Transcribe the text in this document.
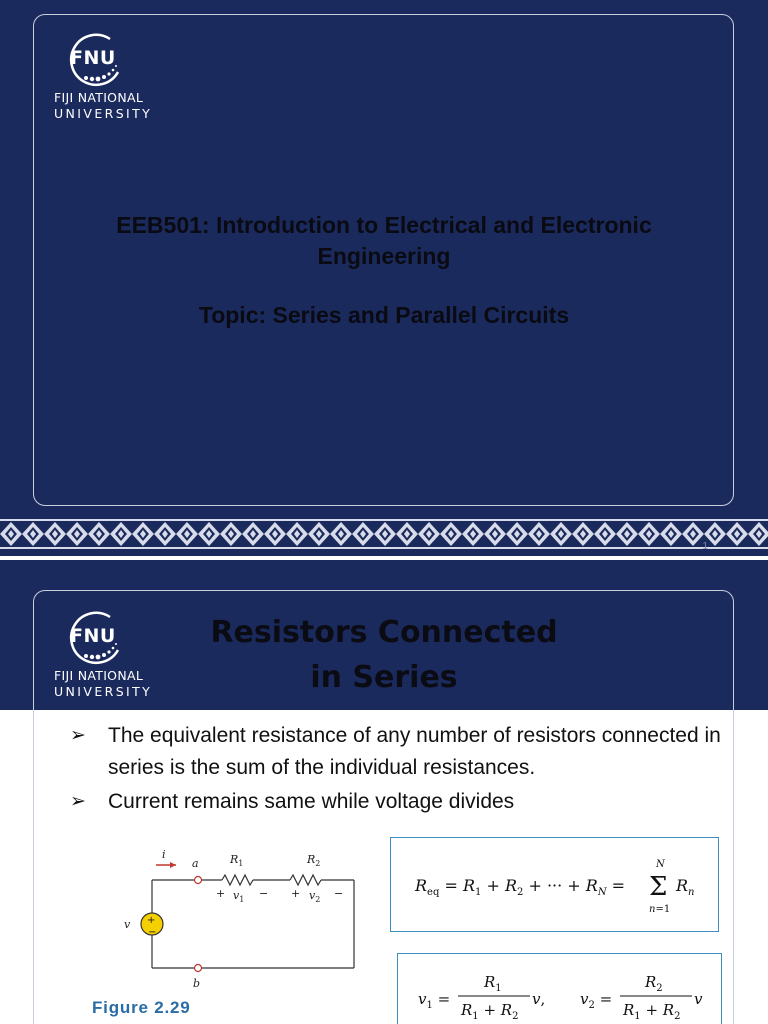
FNU
FIJI NATIONAL
UNIVERSITY
EEB501: Introduction to Electrical and Electronic Engineering
Topic: Series and Parallel Circuits
1
FNU
FIJI NATIONAL
UNIVERSITY
Resistors Connected
in Series
➢ The equivalent resistance of any number of resistors connected in series is the sum of the individual resistances.
➢ Current remains same while voltage divides
i
a
b
v
$R_1$	$R_2$
$v_1$	$v_2$
+	− +	−
+
−
Figure 2.29
$R_{eq} = R_1 + R_2$ + ··· + $R_N = \Sigma$
N
n=1
$R_n$
$v_1$ =
$R_1$
$R_1 + R_2$
v, $v_2$ =
$R_2$
$R_1 + R_2$
v
